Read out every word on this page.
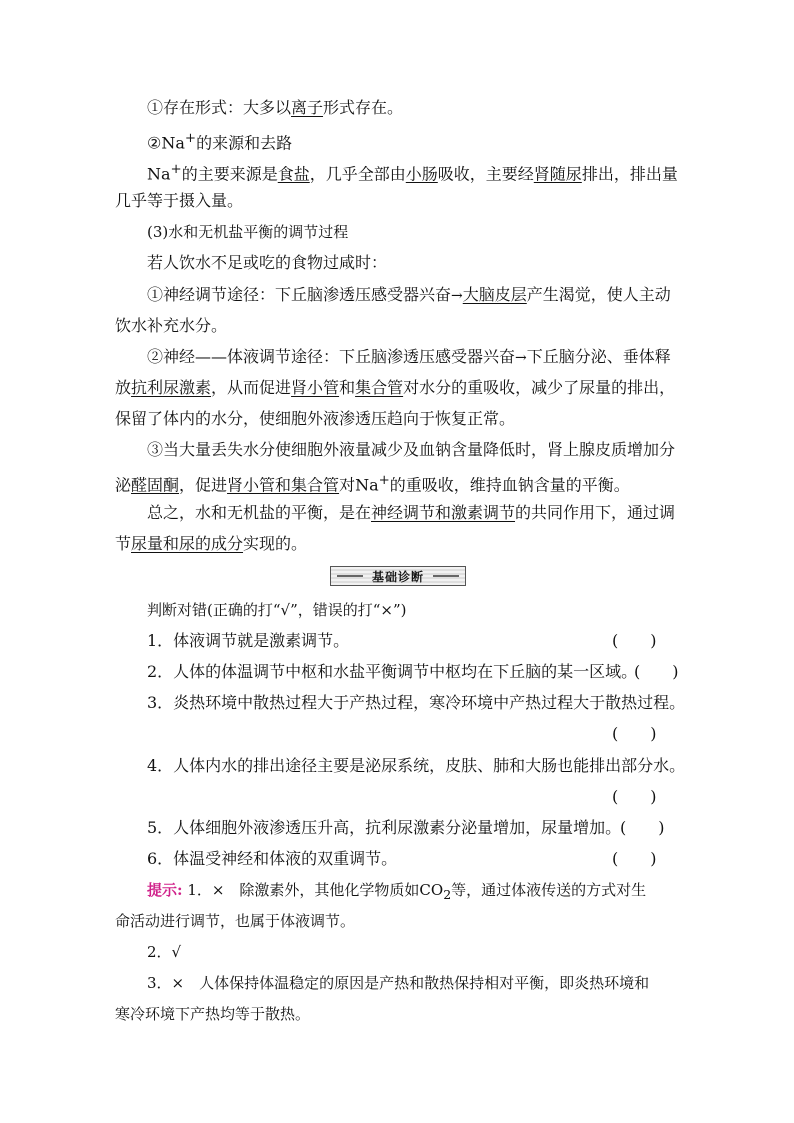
①存在形式：大多以离子形式存在。
②Na+的来源和去路
Na+的主要来源是食盐，几乎全部由小肠吸收，主要经肾随尿排出，排出量
几乎等于摄入量。
(3)水和无机盐平衡的调节过程
若人饮水不足或吃的食物过咸时：
①神经调节途径：下丘脑渗透压感受器兴奋→大脑皮层产生渴觉，使人主动
饮水补充水分。
②神经——体液调节途径：下丘脑渗透压感受器兴奋→下丘脑分泌、垂体释
放抗利尿激素，从而促进肾小管和集合管对水分的重吸收，减少了尿量的排出，
保留了体内的水分，使细胞外液渗透压趋向于恢复正常。
③当大量丢失水分使细胞外液量减少及血钠含量降低时，肾上腺皮质增加分
泌醛固酮，促进肾小管和集合管对Na+的重吸收，维持血钠含量的平衡。
总之，水和无机盐的平衡，是在神经调节和激素调节的共同作用下，通过调
节尿量和尿的成分实现的。
基础诊断
判断对错(正确的打“√”，错误的打“×”)
1．体液调节就是激素调节。	(　　)
2．人体的体温调节中枢和水盐平衡调节中枢均在下丘脑的某一区域。
(　　)
3．炎热环境中散热过程大于产热过程，寒冷环境中产热过程大于散热过程。
(　　)
4．人体内水的排出途径主要是泌尿系统，皮肤、肺和大肠也能排出部分水。
(　　)
5．人体细胞外液渗透压升高，抗利尿激素分泌量增加，尿量增加。
(　　)
6．体温受神经和体液的双重调节。	(　　)
提示: 1．×　除激素外，其他化学物质如$CO_2$等，通过体液传送的方式对生
命活动进行调节，也属于体液调节。
2．√
3．×　人体保持体温稳定的原因是产热和散热保持相对平衡，即炎热环境和
寒冷环境下产热均等于散热。
